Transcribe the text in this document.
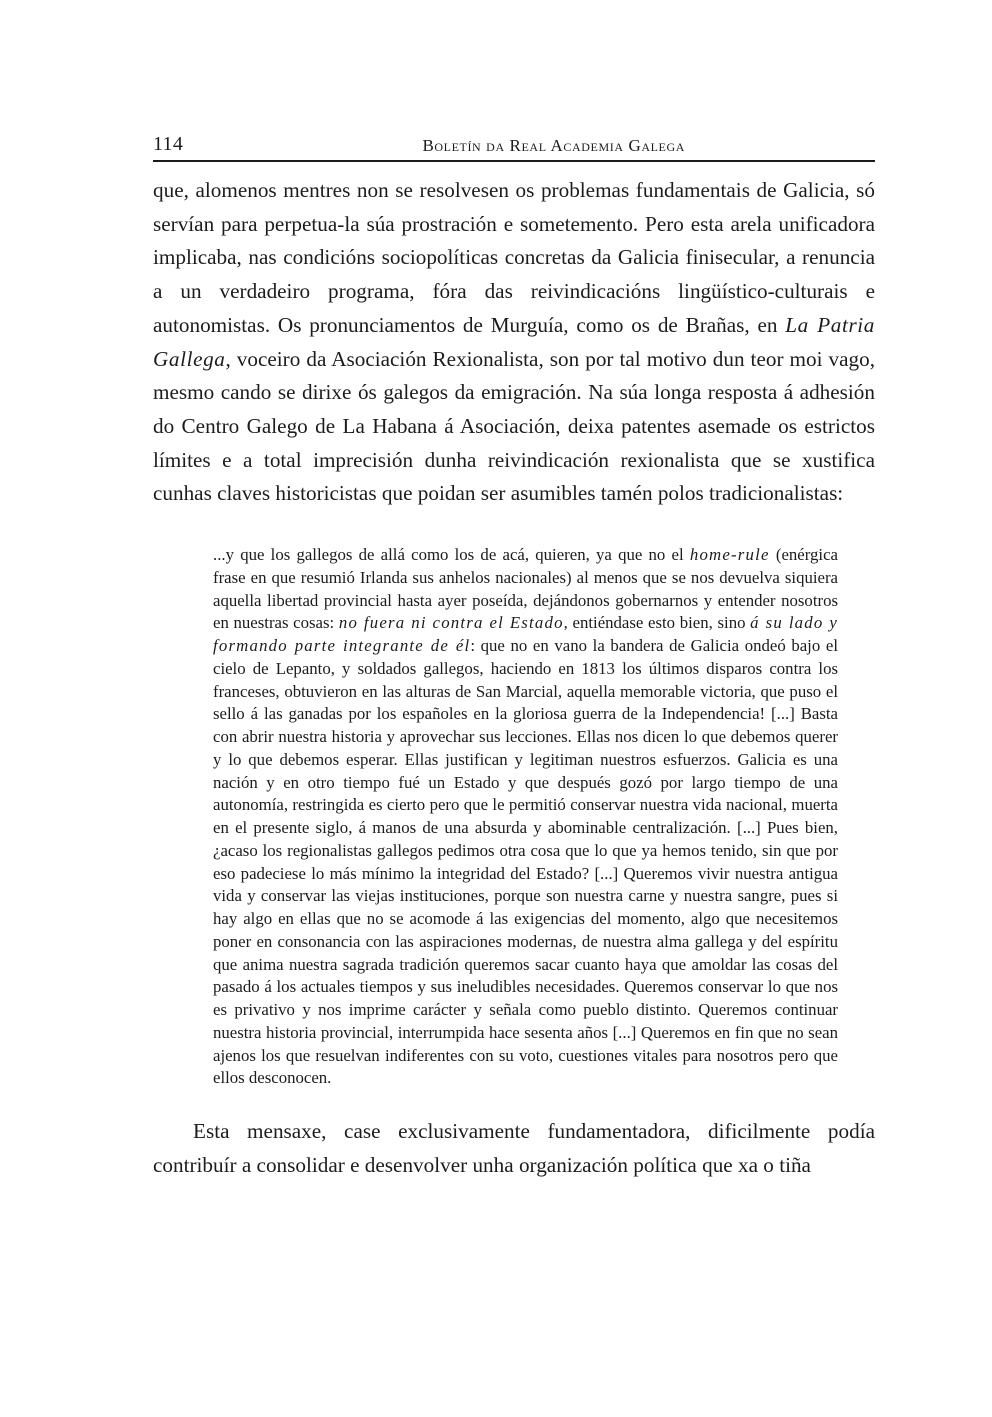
114	Boletín da Real Academia Galega

que, alomenos mentres non se resolvesen os problemas fundamentais de Galicia, só servían para perpetua-la súa prostración e sometemento. Pero esta arela unificadora implicaba, nas condicións sociopolíticas concretas da Galicia finisecular, a renuncia a un verdadeiro programa, fóra das reivindicacións lingüístico-culturais e autonomistas. Os pronunciamentos de Murguía, como os de Brañas, en La Patria Gallega, voceiro da Asociación Rexionalista, son por tal motivo dun teor moi vago, mesmo cando se dirixe ós galegos da emigración. Na súa longa resposta á adhesión do Centro Galego de La Habana á Asociación, deixa patentes asemade os estrictos límites e a total imprecisión dunha reivindicación rexionalista que se xustifica cunhas claves historicistas que poidan ser asumibles tamén polos tradicionalistas:

...y que los gallegos de allá como los de acá, quieren, ya que no el home-rule (enérgica frase en que resumió Irlanda sus anhelos nacionales) al menos que se nos devuelva siquiera aquella libertad provincial hasta ayer poseída, dejándonos gobernarnos y entender nosotros en nuestras cosas: no fuera ni contra el Estado, entiéndase esto bien, sino á su lado y formando parte integrante de él: que no en vano la bandera de Galicia ondeó bajo el cielo de Lepanto, y soldados gallegos, haciendo en 1813 los últimos disparos contra los franceses, obtuvieron en las alturas de San Marcial, aquella memorable victoria, que puso el sello á las ganadas por los españoles en la gloriosa guerra de la Independencia! [...] Basta con abrir nuestra historia y aprovechar sus lecciones. Ellas nos dicen lo que debemos querer y lo que debemos esperar. Ellas justifican y legitiman nuestros esfuerzos. Galicia es una nación y en otro tiempo fué un Estado y que después gozó por largo tiempo de una autonomía, restringida es cierto pero que le permitió conservar nuestra vida nacional, muerta en el presente siglo, á manos de una absurda y abominable centralización. [...] Pues bien, ¿acaso los regionalistas gallegos pedimos otra cosa que lo que ya hemos tenido, sin que por eso padeciese lo más mínimo la integridad del Estado? [...] Queremos vivir nuestra antigua vida y conservar las viejas instituciones, porque son nuestra carne y nuestra sangre, pues si hay algo en ellas que no se acomode á las exigencias del momento, algo que necesitemos poner en consonancia con las aspiraciones modernas, de nuestra alma gallega y del espíritu que anima nuestra sagrada tradición queremos sacar cuanto haya que amoldar las cosas del pasado á los actuales tiempos y sus ineludibles necesidades. Queremos conservar lo que nos es privativo y nos imprime carácter y señala como pueblo distinto. Queremos continuar nuestra historia provincial, interrumpida hace sesenta años [...] Queremos en fin que no sean ajenos los que resuelvan indiferentes con su voto, cuestiones vitales para nosotros pero que ellos desconocen.

Esta mensaxe, case exclusivamente fundamentadora, dificilmente podía contribuír a consolidar e desenvolver unha organización política que xa o tiña
